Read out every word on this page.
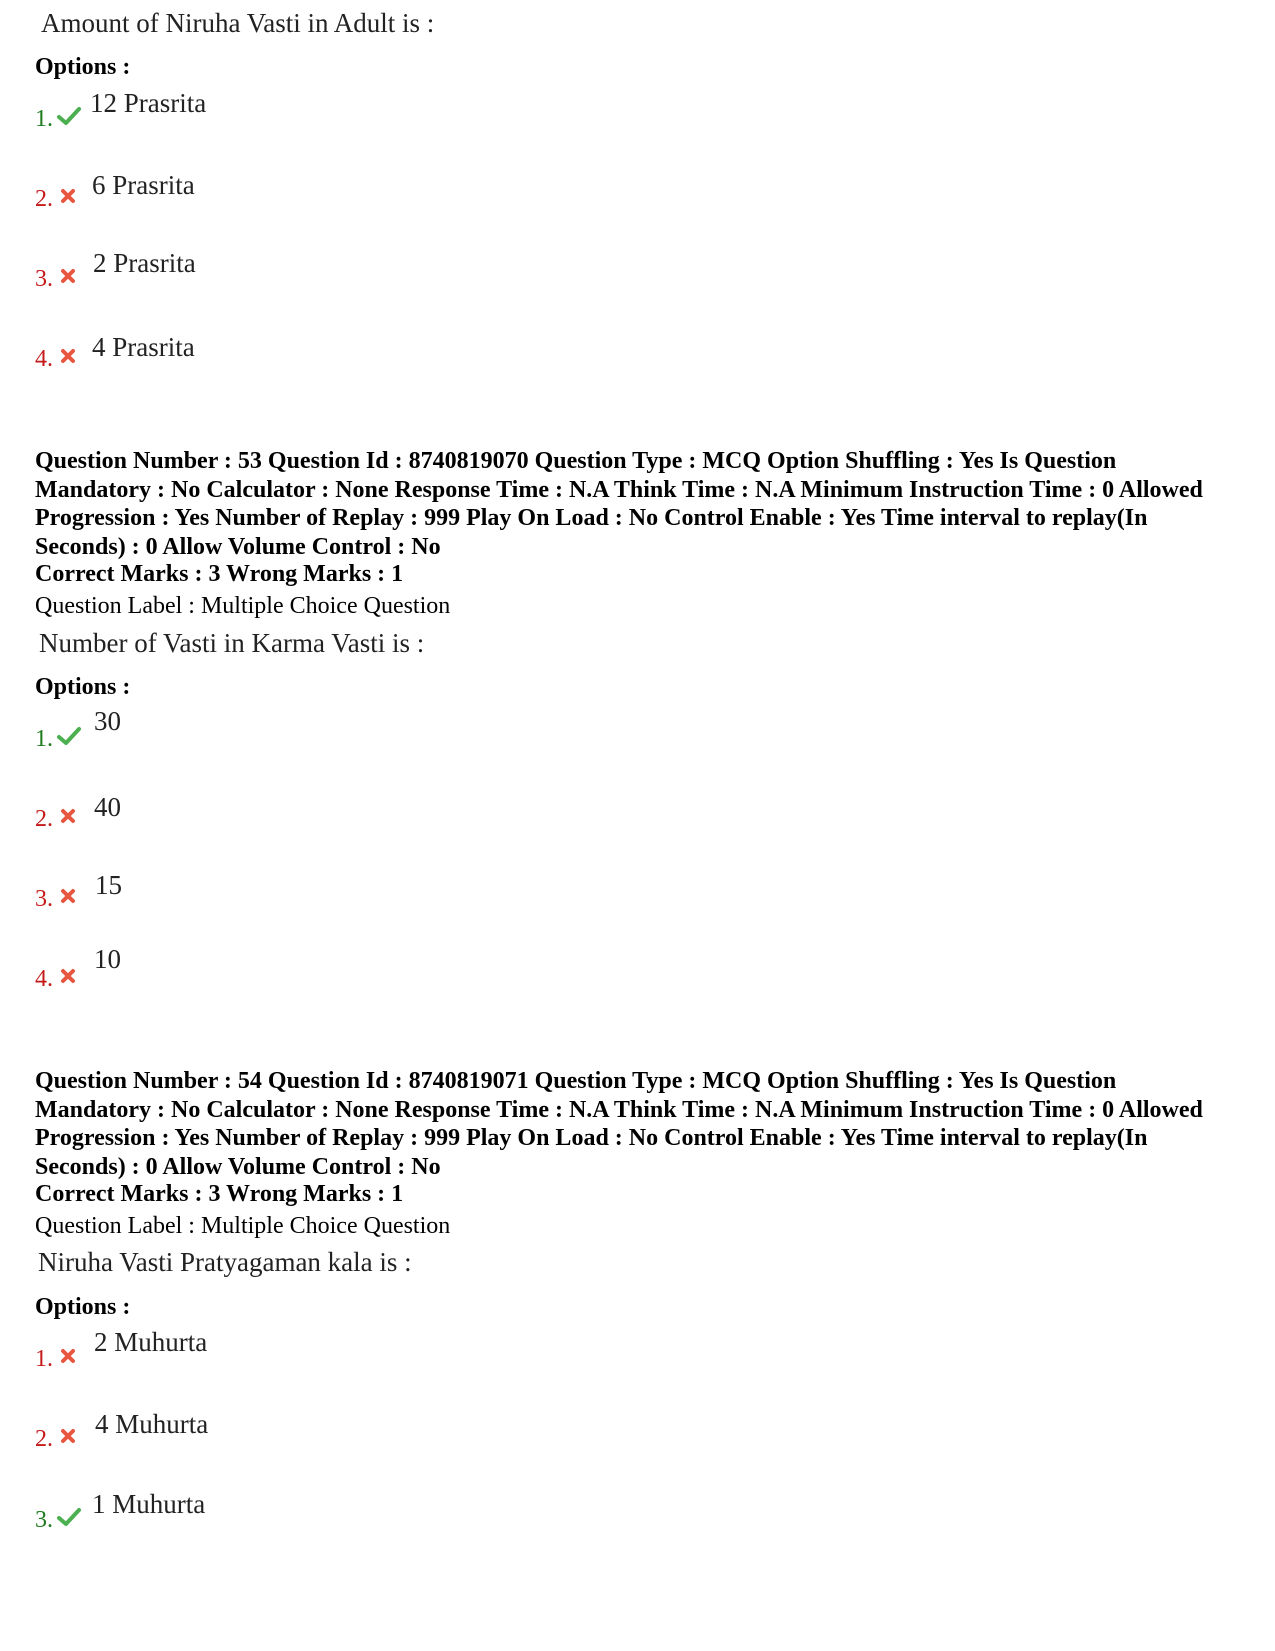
Amount of Niruha Vasti in Adult is :
Options :
1.
12 Prasrita
2. 6 Prasrita
3.
2 Prasrita
4. 4 Prasrita
Question Number : 53 Question Id : 8740819070 Question Type : MCQ Option Shuffling : Yes Is Question Mandatory : No Calculator : None Response Time : N.A Think Time : N.A Minimum Instruction Time : 0 Allowed Progression : Yes Number of Replay : 999 Play On Load : No Control Enable : Yes Time interval to replay(In Seconds) : 0 Allow Volume Control : No
Correct Marks : 3 Wrong Marks : 1
Question Label : Multiple Choice Question
Number of Vasti in Karma Vasti is :
Options :
1.
30
2. 40
3. 15
4.
10
Question Number : 54 Question Id : 8740819071 Question Type : MCQ Option Shuffling : Yes Is Question Mandatory : No Calculator : None Response Time : N.A Think Time : N.A Minimum Instruction Time : 0 Allowed Progression : Yes Number of Replay : 999 Play On Load : No Control Enable : Yes Time interval to replay(In Seconds) : 0 Allow Volume Control : No
Correct Marks : 3 Wrong Marks : 1
Question Label : Multiple Choice Question
Niruha Vasti Pratyagaman kala is :
Options :
1.
2 Muhurta
2. 4 Muhurta
3.
1 Muhurta
